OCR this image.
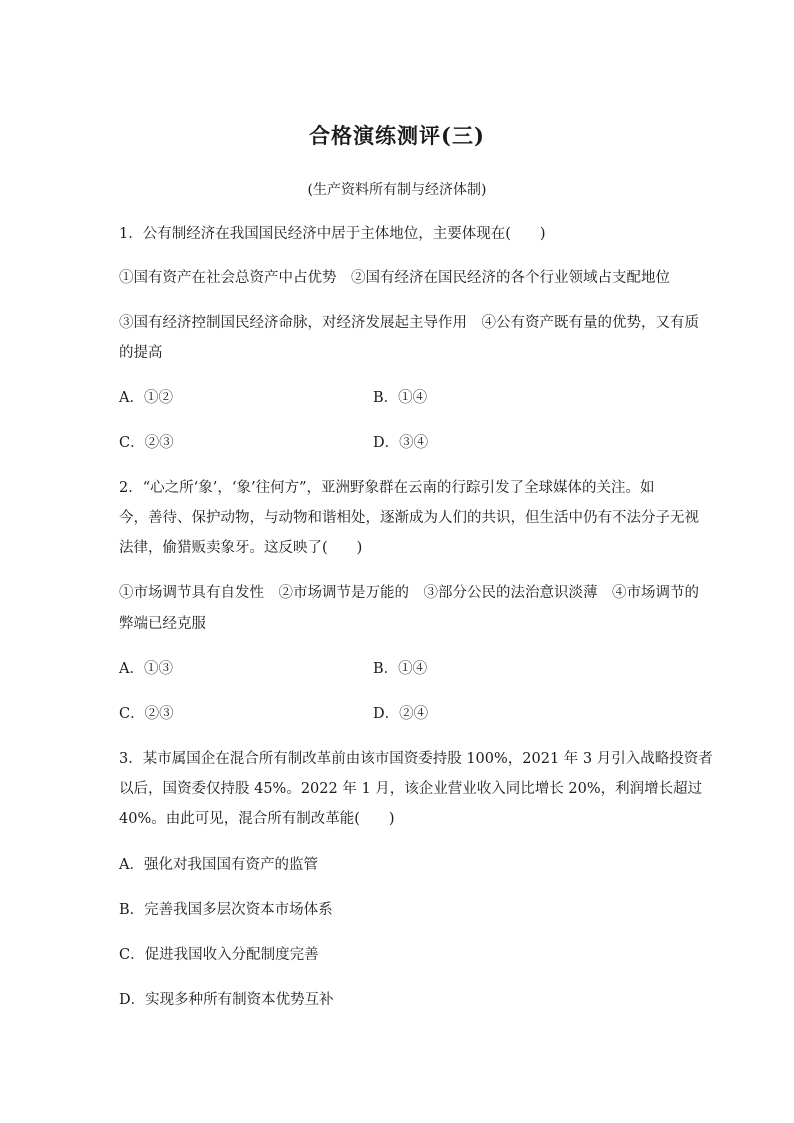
合格演练测评(三)
(生产资料所有制与经济体制)
1．公有制经济在我国国民经济中居于主体地位，主要体现在(　　)
①国有资产在社会总资产中占优势　②国有经济在国民经济的各个行业领域占支配地位
③国有经济控制国民经济命脉，对经济发展起主导作用　④公有资产既有量的优势，又有质
的提高
A．①②	B．①④
C．②③	D．③④
2．“心之所‘象’，‘象’往何方”，亚洲野象群在云南的行踪引发了全球媒体的关注。如
今，善待、保护动物，与动物和谐相处，逐渐成为人们的共识，但生活中仍有不法分子无视
法律，偷猎贩卖象牙。这反映了(　　)
①市场调节具有自发性　②市场调节是万能的　③部分公民的法治意识淡薄　④市场调节的
弊端已经克服
A．①③	B．①④
C．②③	D．②④
3．某市属国企在混合所有制改革前由该市国资委持股 100%，2021 年 3 月引入战略投资者
以后，国资委仅持股 45%。2022 年 1 月，该企业营业收入同比增长 20%，利润增长超过
40%。由此可见，混合所有制改革能(　　)
A．强化对我国国有资产的监管
B．完善我国多层次资本市场体系
C．促进我国收入分配制度完善
D．实现多种所有制资本优势互补
